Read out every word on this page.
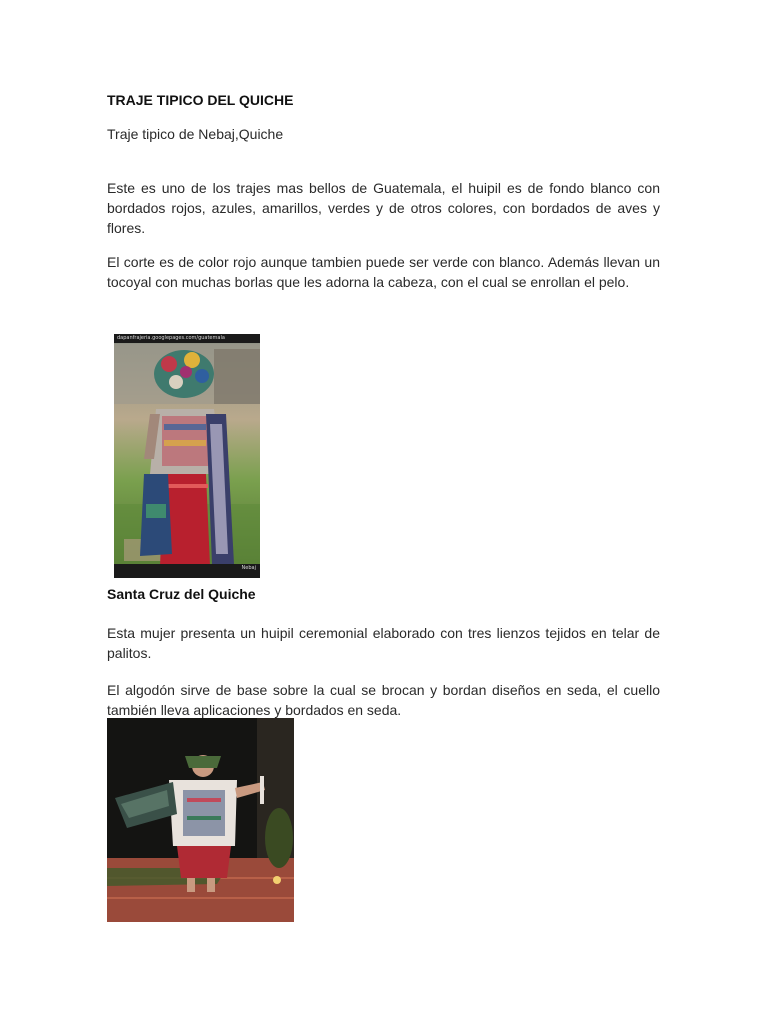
TRAJE TIPICO DEL QUICHE

Traje tipico de Nebaj,Quiche

Este es uno de los trajes mas bellos de Guatemala, el huipil es de fondo blanco con bordados rojos, azules, amarillos, verdes y de otros colores, con bordados de aves y flores.

El corte es de color rojo aunque tambien puede ser verde con blanco. Además llevan un tocoyal con muchas borlas que les adorna la cabeza, con el cual se enrollan el pelo.

dapanfrajeria.googlepages.com/guatemala
Nebaj
Santa Cruz del Quiche

Esta mujer presenta un huipil ceremonial elaborado con tres lienzos tejidos en telar de palitos.

El algodón sirve de base sobre la cual se brocan y bordan diseños en seda, el cuello también lleva aplicaciones y bordados en seda.
